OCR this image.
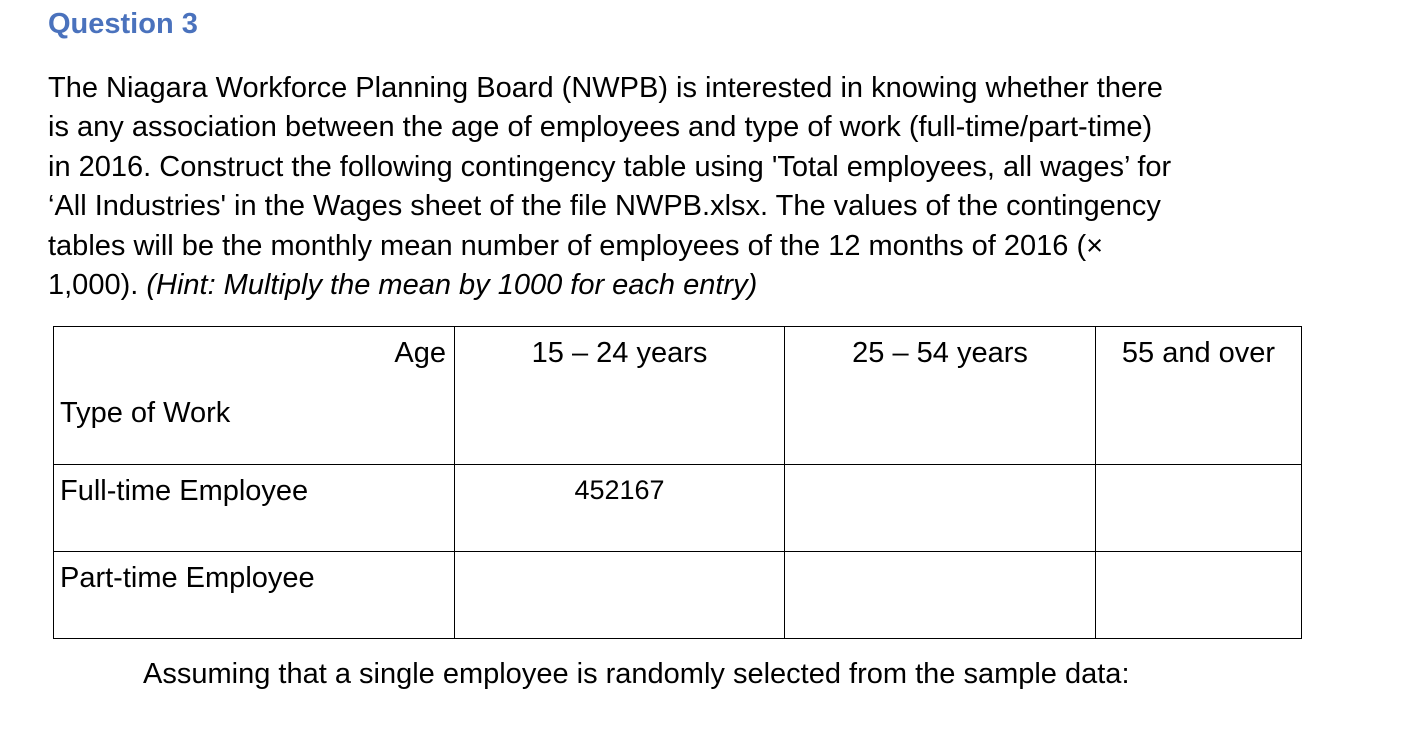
Question 3

The Niagara Workforce Planning Board (NWPB) is interested in knowing whether there
is any association between the age of employees and type of work (full-time/part-time)
in 2016. Construct the following contingency table using 'Total employees, all wages’ for
‘All Industries' in the Wages sheet of the file NWPB.xlsx. The values of the contingency
tables will be the monthly mean number of employees of the 12 months of 2016 (×
1,000). (Hint: Multiply the mean by 1000 for each entry)

Age
Type of Work	15 – 24 years	25 – 54 years	55 and over
Full-time Employee	452167		
Part-time Employee			

Assuming that a single employee is randomly selected from the sample data:
